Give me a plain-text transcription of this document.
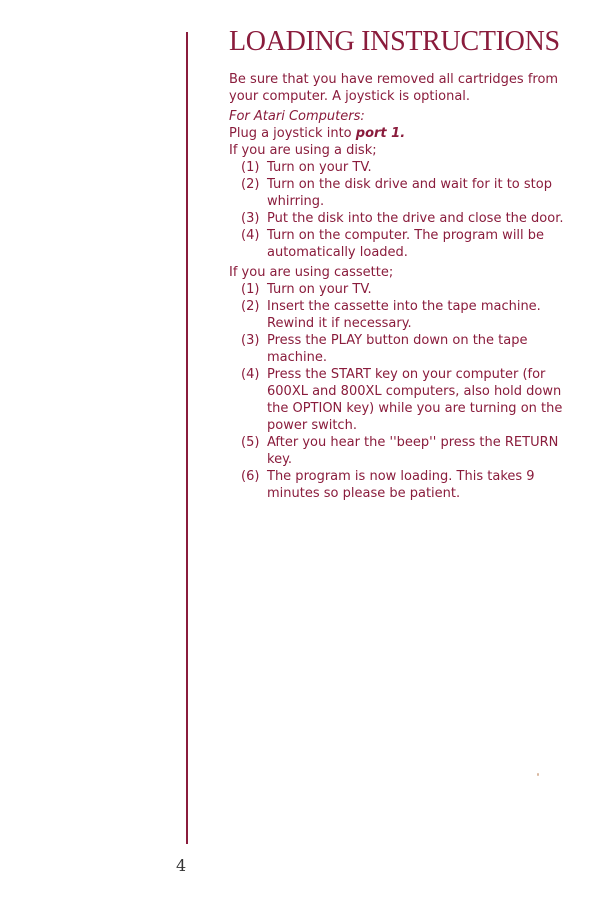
LOADING INSTRUCTIONS

Be sure that you have removed all cartridges from your computer. A joystick is optional.

For Atari Computers:

Plug a joystick into port 1.

If you are using a disk;

(1) Turn on your TV.
(2) Turn on the disk drive and wait for it to stop whirring.
(3) Put the disk into the drive and close the door.
(4) Turn on the computer. The program will be automatically loaded.

If you are using cassette;

(1) Turn on your TV.
(2) Insert the cassette into the tape machine. Rewind it if necessary.
(3) Press the PLAY button down on the tape machine.
(4) Press the START key on your computer (for 600XL and 800XL computers, also hold down the OPTION key) while you are turning on the power switch.
(5) After you hear the ''beep'' press the RETURN key.
(6) The program is now loading. This takes 9 minutes so please be patient.
4
